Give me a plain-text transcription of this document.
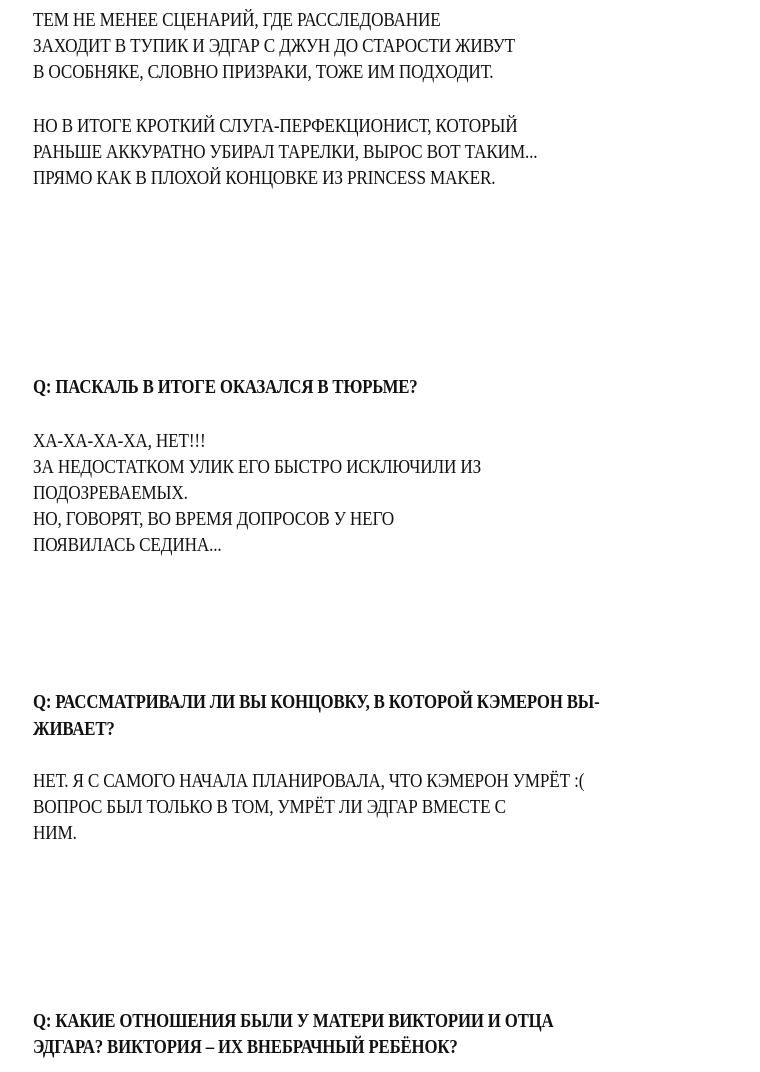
ТЕМ НЕ МЕНЕЕ СЦЕНАРИЙ, ГДЕ РАССЛЕДОВАНИЕ
ЗАХОДИТ В ТУПИК И ЭДГАР С ДЖУН ДО СТАРОСТИ ЖИВУТ
В ОСОБНЯКЕ, СЛОВНО ПРИЗРАКИ, ТОЖЕ ИМ ПОДХОДИТ.
НО В ИТОГЕ КРОТКИЙ СЛУГА-ПЕРФЕКЦИОНИСТ, КОТОРЫЙ
РАНЬШЕ АККУРАТНО УБИРАЛ ТАРЕЛКИ, ВЫРОС ВОТ ТАКИМ...
ПРЯМО КАК В ПЛОХОЙ КОНЦОВКЕ ИЗ PRINCESS MAKER.
Q: ПАСКАЛЬ В ИТОГЕ ОКАЗАЛСЯ В ТЮРЬМЕ?
ХА-ХА-ХА-ХА, НЕТ!!!
ЗА НЕДОСТАТКОМ УЛИК ЕГО БЫСТРО ИСКЛЮЧИЛИ ИЗ
ПОДОЗРЕВАЕМЫХ.
НО, ГОВОРЯТ, ВО ВРЕМЯ ДОПРОСОВ У НЕГО
ПОЯВИЛАСЬ СЕДИНА...
Q: РАССМАТРИВАЛИ ЛИ ВЫ КОНЦОВКУ, В КОТОРОЙ КЭМЕРОН ВЫ-
ЖИВАЕТ?
НЕТ. Я С САМОГО НАЧАЛА ПЛАНИРОВАЛА, ЧТО КЭМЕРОН УМРЁТ :(
ВОПРОС БЫЛ ТОЛЬКО В ТОМ, УМРЁТ ЛИ ЭДГАР ВМЕСТЕ С
НИМ.
Q: КАКИЕ ОТНОШЕНИЯ БЫЛИ У МАТЕРИ ВИКТОРИИ И ОТЦА
ЭДГАРА? ВИКТОРИЯ – ИХ ВНЕБРАЧНЫЙ РЕБЁНОК?
